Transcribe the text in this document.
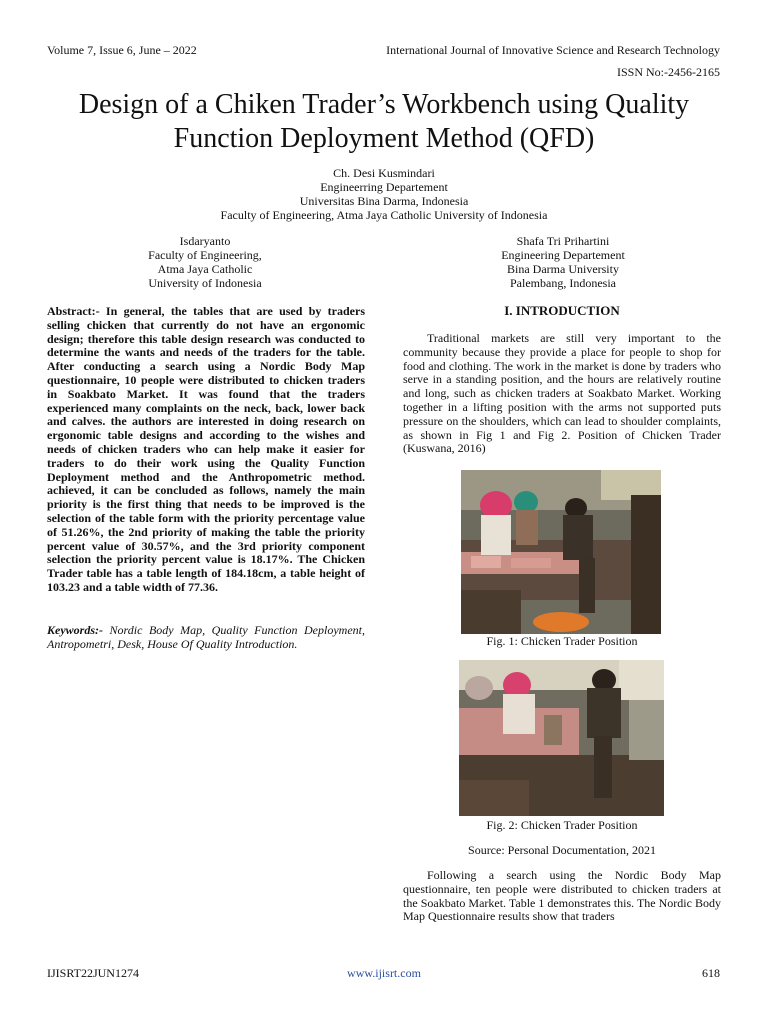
Volume 7, Issue 6, June – 2022	International Journal of Innovative Science and Research Technology
ISSN No:-2456-2165
Design of a Chiken Trader’s Workbench using Quality Function Deployment Method (QFD)
Ch. Desi Kusmindari
Engineerring Departement
Universitas Bina Darma, Indonesia
Faculty of Engineering, Atma Jaya Catholic University of Indonesia
Isdaryanto
Faculty of Engineering,
Atma Jaya Catholic
University of Indonesia
Shafa Tri Prihartini
Engineering Departement
Bina Darma University
Palembang, Indonesia
Abstract:- In general, the tables that are used by traders selling chicken that currently do not have an ergonomic design; therefore this table design research was conducted to determine the wants and needs of the traders for the table. After conducting a search using a Nordic Body Map questionnaire, 10 people were distributed to chicken traders in Soakbato Market. It was found that the traders experienced many complaints on the neck, back, lower back and calves. the authors are interested in doing research on ergonomic table designs and according to the wishes and needs of chicken traders who can help make it easier for traders to do their work using the Quality Function Deployment method and the Anthropometric method. achieved, it can be concluded as follows, namely the main priority is the first thing that needs to be improved is the selection of the table form with the priority percentage value of 51.26%, the 2nd priority of making the table the priority percent value of 30.57%, and the 3rd priority component selection the priority percent value is 18.17%. The Chicken Trader table has a table length of 184.18cm, a table height of 103.23 and a table width of 77.36.
Keywords:- Nordic Body Map, Quality Function Deployment, Antropometri, Desk, House Of Quality Introduction.
I. INTRODUCTION
Traditional markets are still very important to the community because they provide a place for people to shop for food and clothing. The work in the market is done by traders who serve in a standing position, and the hours are relatively routine and long, such as chicken traders at Soakbato Market. Working together in a lifting position with the arms not supported puts pressure on the shoulders, which can lead to shoulder complaints, as shown in Fig 1 and Fig 2. Position of Chicken Trader (Kuswana, 2016)
Fig. 1: Chicken Trader Position
Fig. 2: Chicken Trader Position
Source: Personal Documentation, 2021
Following a search using the Nordic Body Map questionnaire, ten people were distributed to chicken traders at the Soakbato Market. Table 1 demonstrates this. The Nordic Body Map Questionnaire results show that traders
IJISRT22JUN1274	www.ijisrt.com	618
